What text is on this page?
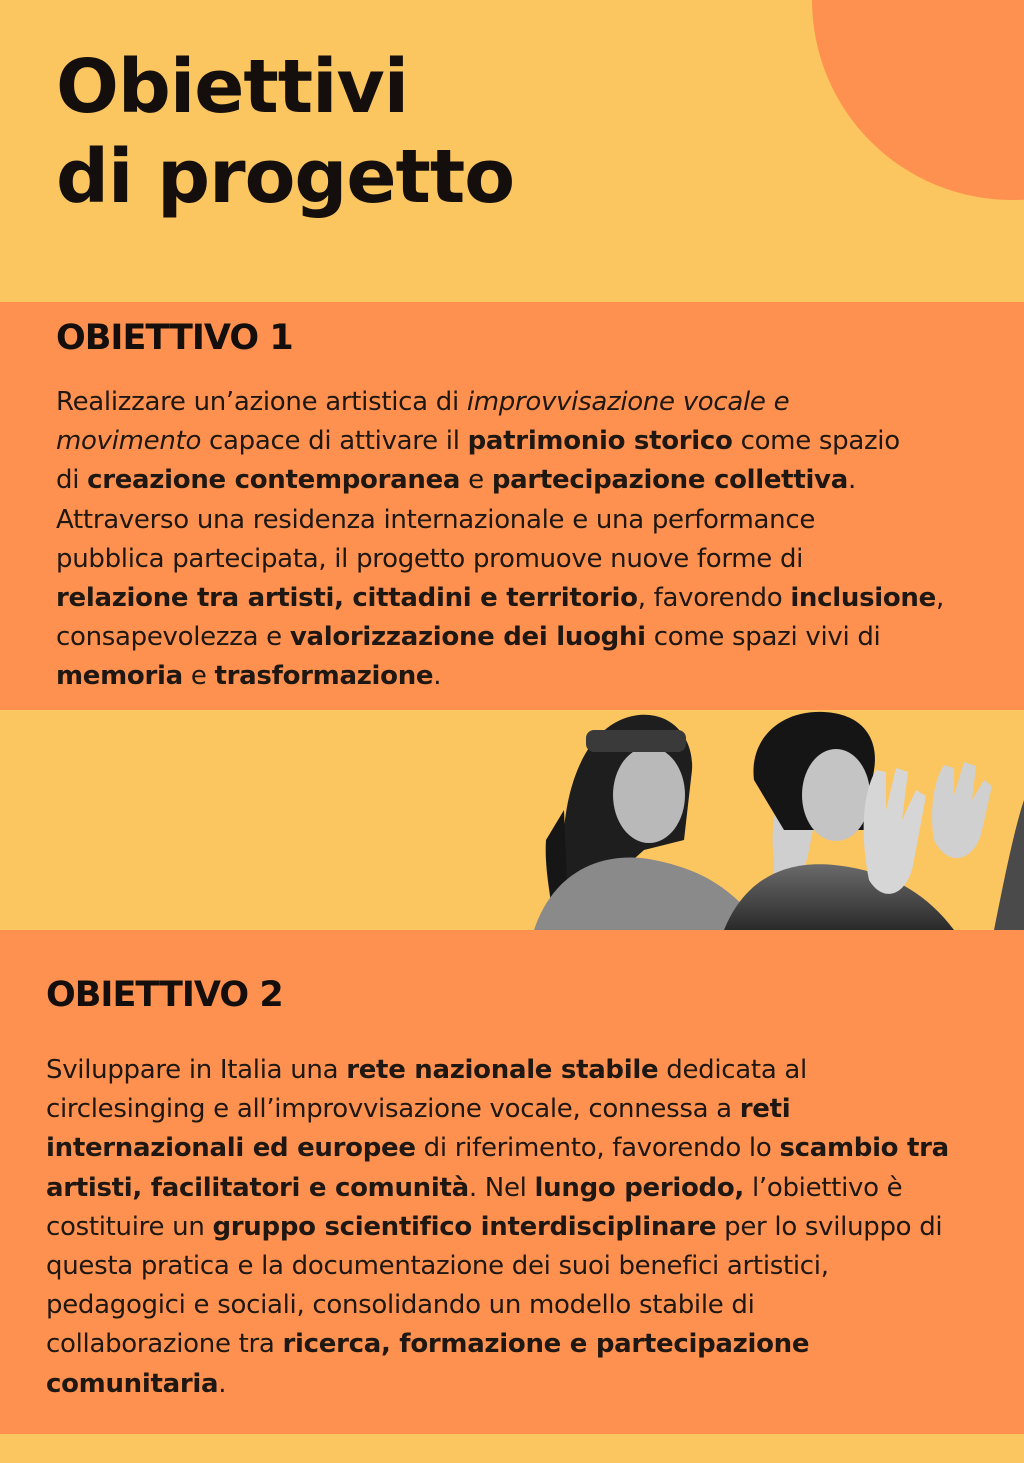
Obiettivi
di progetto
OBIETTIVO 1

Realizzare un’azione artistica di improvvisazione vocale e
movimento capace di attivare il patrimonio storico come spazio
di creazione contemporanea e partecipazione collettiva.
Attraverso una residenza internazionale e una performance
pubblica partecipata, il progetto promuove nuove forme di
relazione tra artisti, cittadini e territorio, favorendo inclusione,
consapevolezza e valorizzazione dei luoghi come spazi vivi di
memoria e trasformazione.

OBIETTIVO 2

Sviluppare in Italia una rete nazionale stabile dedicata al
circlesinging e all’improvvisazione vocale, connessa a reti
internazionali ed europee di riferimento, favorendo lo scambio tra
artisti, facilitatori e comunità. Nel lungo periodo, l’obiettivo è
costituire un gruppo scientifico interdisciplinare per lo sviluppo di
questa pratica e la documentazione dei suoi benefici artistici,
pedagogici e sociali, consolidando un modello stabile di
collaborazione tra ricerca, formazione e partecipazione
comunitaria.
